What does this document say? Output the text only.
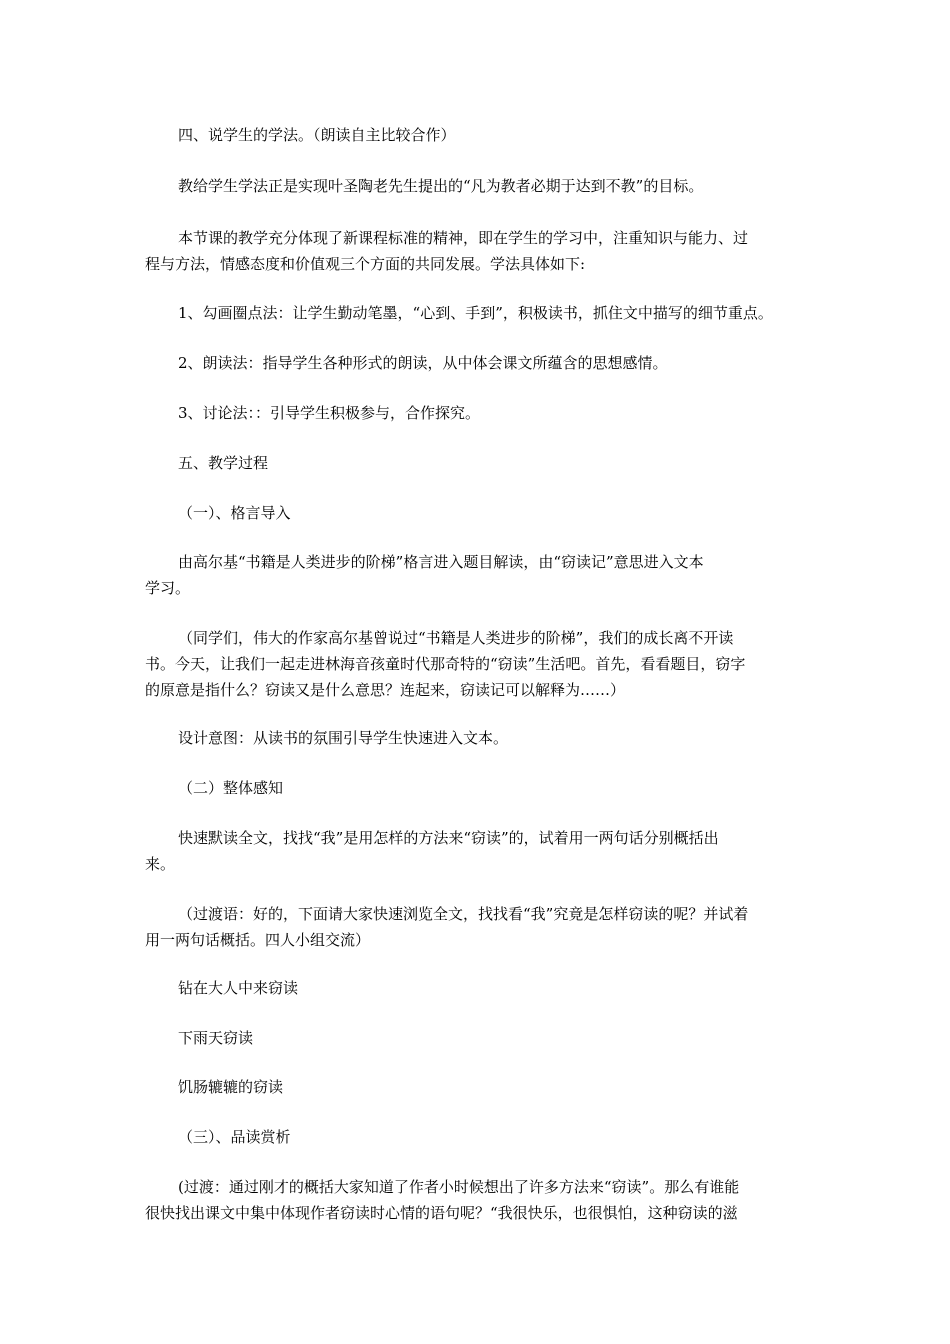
四、说学生的学法。（朗读自主比较合作）
教给学生学法正是实现叶圣陶老先生提出的“凡为教者必期于达到不教”的目标。
本节课的教学充分体现了新课程标准的精神，即在学生的学习中，注重知识与能力、过
程与方法，情感态度和价值观三个方面的共同发展。学法具体如下:
1、勾画圈点法：让学生勤动笔墨，“心到、手到”，积极读书，抓住文中描写的细节重点。
2、朗读法：指导学生各种形式的朗读，从中体会课文所蕴含的思想感情。
3、讨论法：：引导学生积极参与，合作探究。
五、教学过程
（一）、格言导入
由高尔基“书籍是人类进步的阶梯”格言进入题目解读，由“窃读记”意思进入文本
学习。
（同学们，伟大的作家高尔基曾说过“书籍是人类进步的阶梯”，我们的成长离不开读
书。今天，让我们一起走进林海音孩童时代那奇特的“窃读”生活吧。首先，看看题目，窃字
的原意是指什么？窃读又是什么意思？连起来，窃读记可以解释为……）
设计意图：从读书的氛围引导学生快速进入文本。
（二）整体感知
快速默读全文，找找“我”是用怎样的方法来“窃读”的，试着用一两句话分别概括出
来。
（过渡语：好的，下面请大家快速浏览全文，找找看“我”究竟是怎样窃读的呢？并试着
用一两句话概括。四人小组交流）
钻在大人中来窃读
下雨天窃读
饥肠辘辘的窃读
（三）、品读赏析
(过渡：通过刚才的概括大家知道了作者小时候想出了许多方法来“窃读”。那么有谁能
很快找出课文中集中体现作者窃读时心情的语句呢？“我很快乐，也很惧怕，这种窃读的滋
